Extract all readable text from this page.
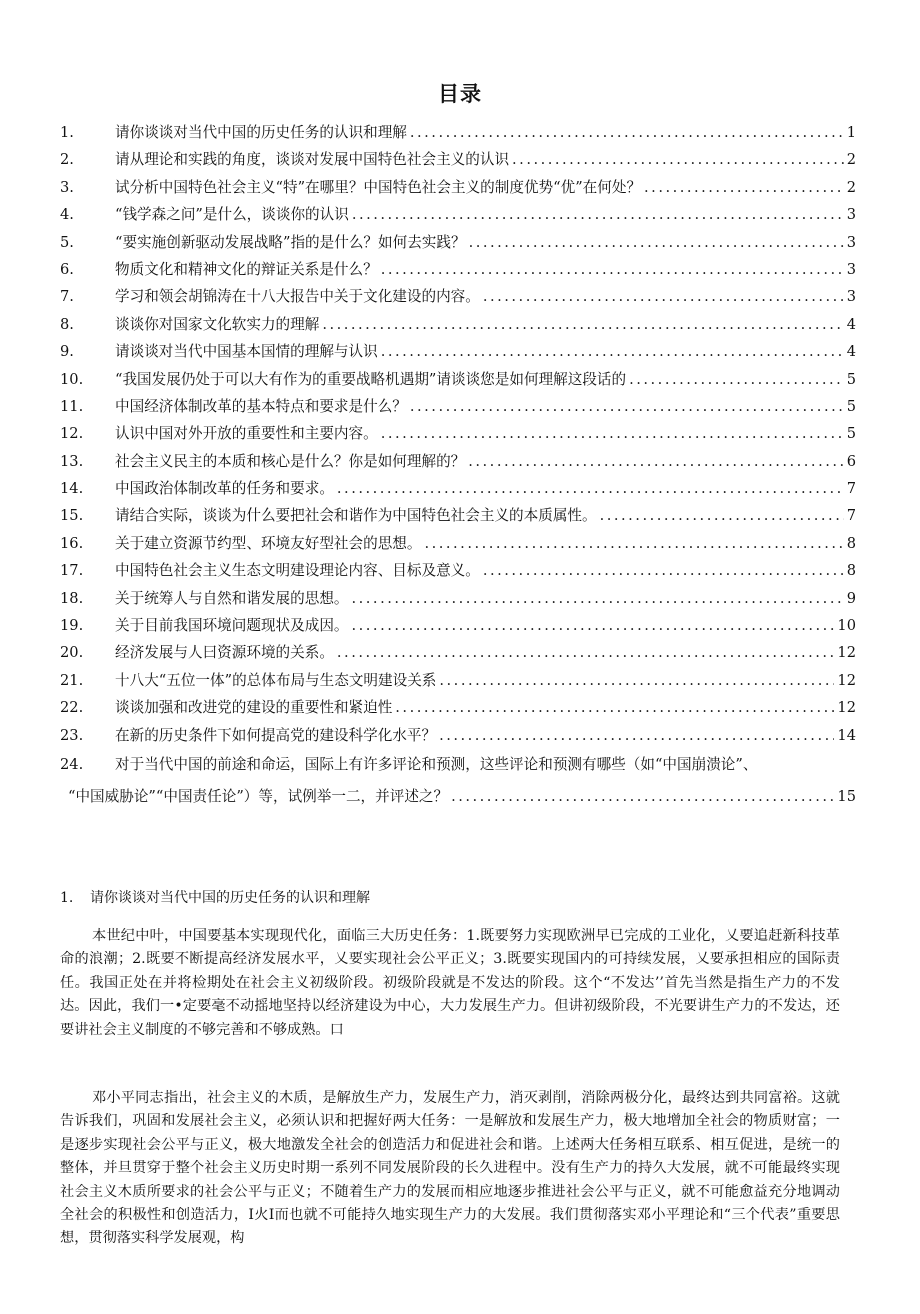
目录
1.	请你谈谈对当代中国的历史任务的认识和理解 .....	1
2.	请从理论和实践的角度，谈谈对发展中国特色社会主义的认识 .....	2
3.	试分析中国特色社会主义“特”在哪里？中国特色社会主义的制度优势“优”在何处？ .....	2
4.	“钱学森之问”是什么，谈谈你的认识 .....	3
5.	“要实施创新驱动发展战略”指的是什么？如何去实践？ .....	3
6.	物质文化和精神文化的辩证关系是什么？ .....	3
7.	学习和领会胡锦涛在十八大报告中关于文化建设的内容。 .....	3
8.	谈谈你对国家文化软实力的理解 .....	4
9.	请谈谈对当代中国基本国情的理解与认识 .....	4
10.	“我国发展仍处于可以大有作为的重要战略机遇期”请谈谈您是如何理解这段话的 .....	5
11.	中国经济体制改革的基本特点和要求是什么？ .....	5
12.	认识中国对外开放的重要性和主要内容。 .....	5
13.	社会主义民主的本质和核心是什么？你是如何理解的？ .....	6
14.	中国政治体制改革的任务和要求。 .....	7
15.	请结合实际，谈谈为什么要把社会和谐作为中国特色社会主义的本质属性。 .....	7
16.	关于建立资源节约型、环境友好型社会的思想。 .....	8
17.	中国特色社会主义生态文明建设理论内容、目标及意义。 .....	8
18.	关于统筹人与自然和谐发展的思想。 .....	9
19.	关于目前我国环境问题现状及成因。 .....	10
20.	经济发展与人曰资源环境的关系。 .....	12
21.	十八大“五位一体”的总体布局与生态文明建设关系 .....	12
22.	谈谈加强和改进党的建设的重要性和紧迫性 .....	12
23.	在新的历史条件下如何提高党的建设科学化水平？ .....	14
24.	对于当代中国的前途和命运，国际上有许多评论和预测，这些评论和预测有哪些（如“中国崩溃论”、
“中国威胁论”“中国责任论”）等，试例举一二，并评述之？ .....	15
1. 请你谈谈对当代中国的历史任务的认识和理解

本世纪中叶，中国要基本实现现代化，面临三大历史任务：1.既要努力实现欧洲早已完成的工业化，乂要追赶新科技革命的浪潮；2.既要不断提高经济发展水平，乂要实现社会公平正义；3.既要实现国内的可持续发展，乂要承担相应的国际责任。我国正处在并将检期处在社会主义初级阶段。初级阶段就是不发达的阶段。这个“不发达’’首先当然是指生产力的不发达。因此，我们一•定要毫不动摇地坚持以经济建设为中心，大力发展生产力。但讲初级阶段，不光要讲生产力的不发达，还要讲社会主义制度的不够完善和不够成熟。口

邓小平同志指出，社会主义的木质，是解放生产力，发展生产力，消灭剥削，消除两极分化，最终达到共同富裕。这就告诉我们，巩固和发展社会主义，必须认识和把握好两大任务：一是解放和发展生产力，极大地增加全社会的物质财富；一是逐步实现社会公平与正义，极大地激发全社会的创造活力和促进社会和谐。上述两大任务相互联系、相互促进，是统一的整体，并旦贯穿于整个社会主义历史时期一系列不同发展阶段的长久进程中。没有生产力的持久大发展，就不可能最终实现社会主义木质所要求的社会公平与正义；不随着生产力的发展而相应地逐步推进社会公平与正义，就不可能愈益充分地调动全社会的积极性和创造活力，I火I而也就不可能持久地实现生产力的大发展。我们贯彻落实邓小平理论和“三个代表”重要思想，贯彻落实科学发展观，构
